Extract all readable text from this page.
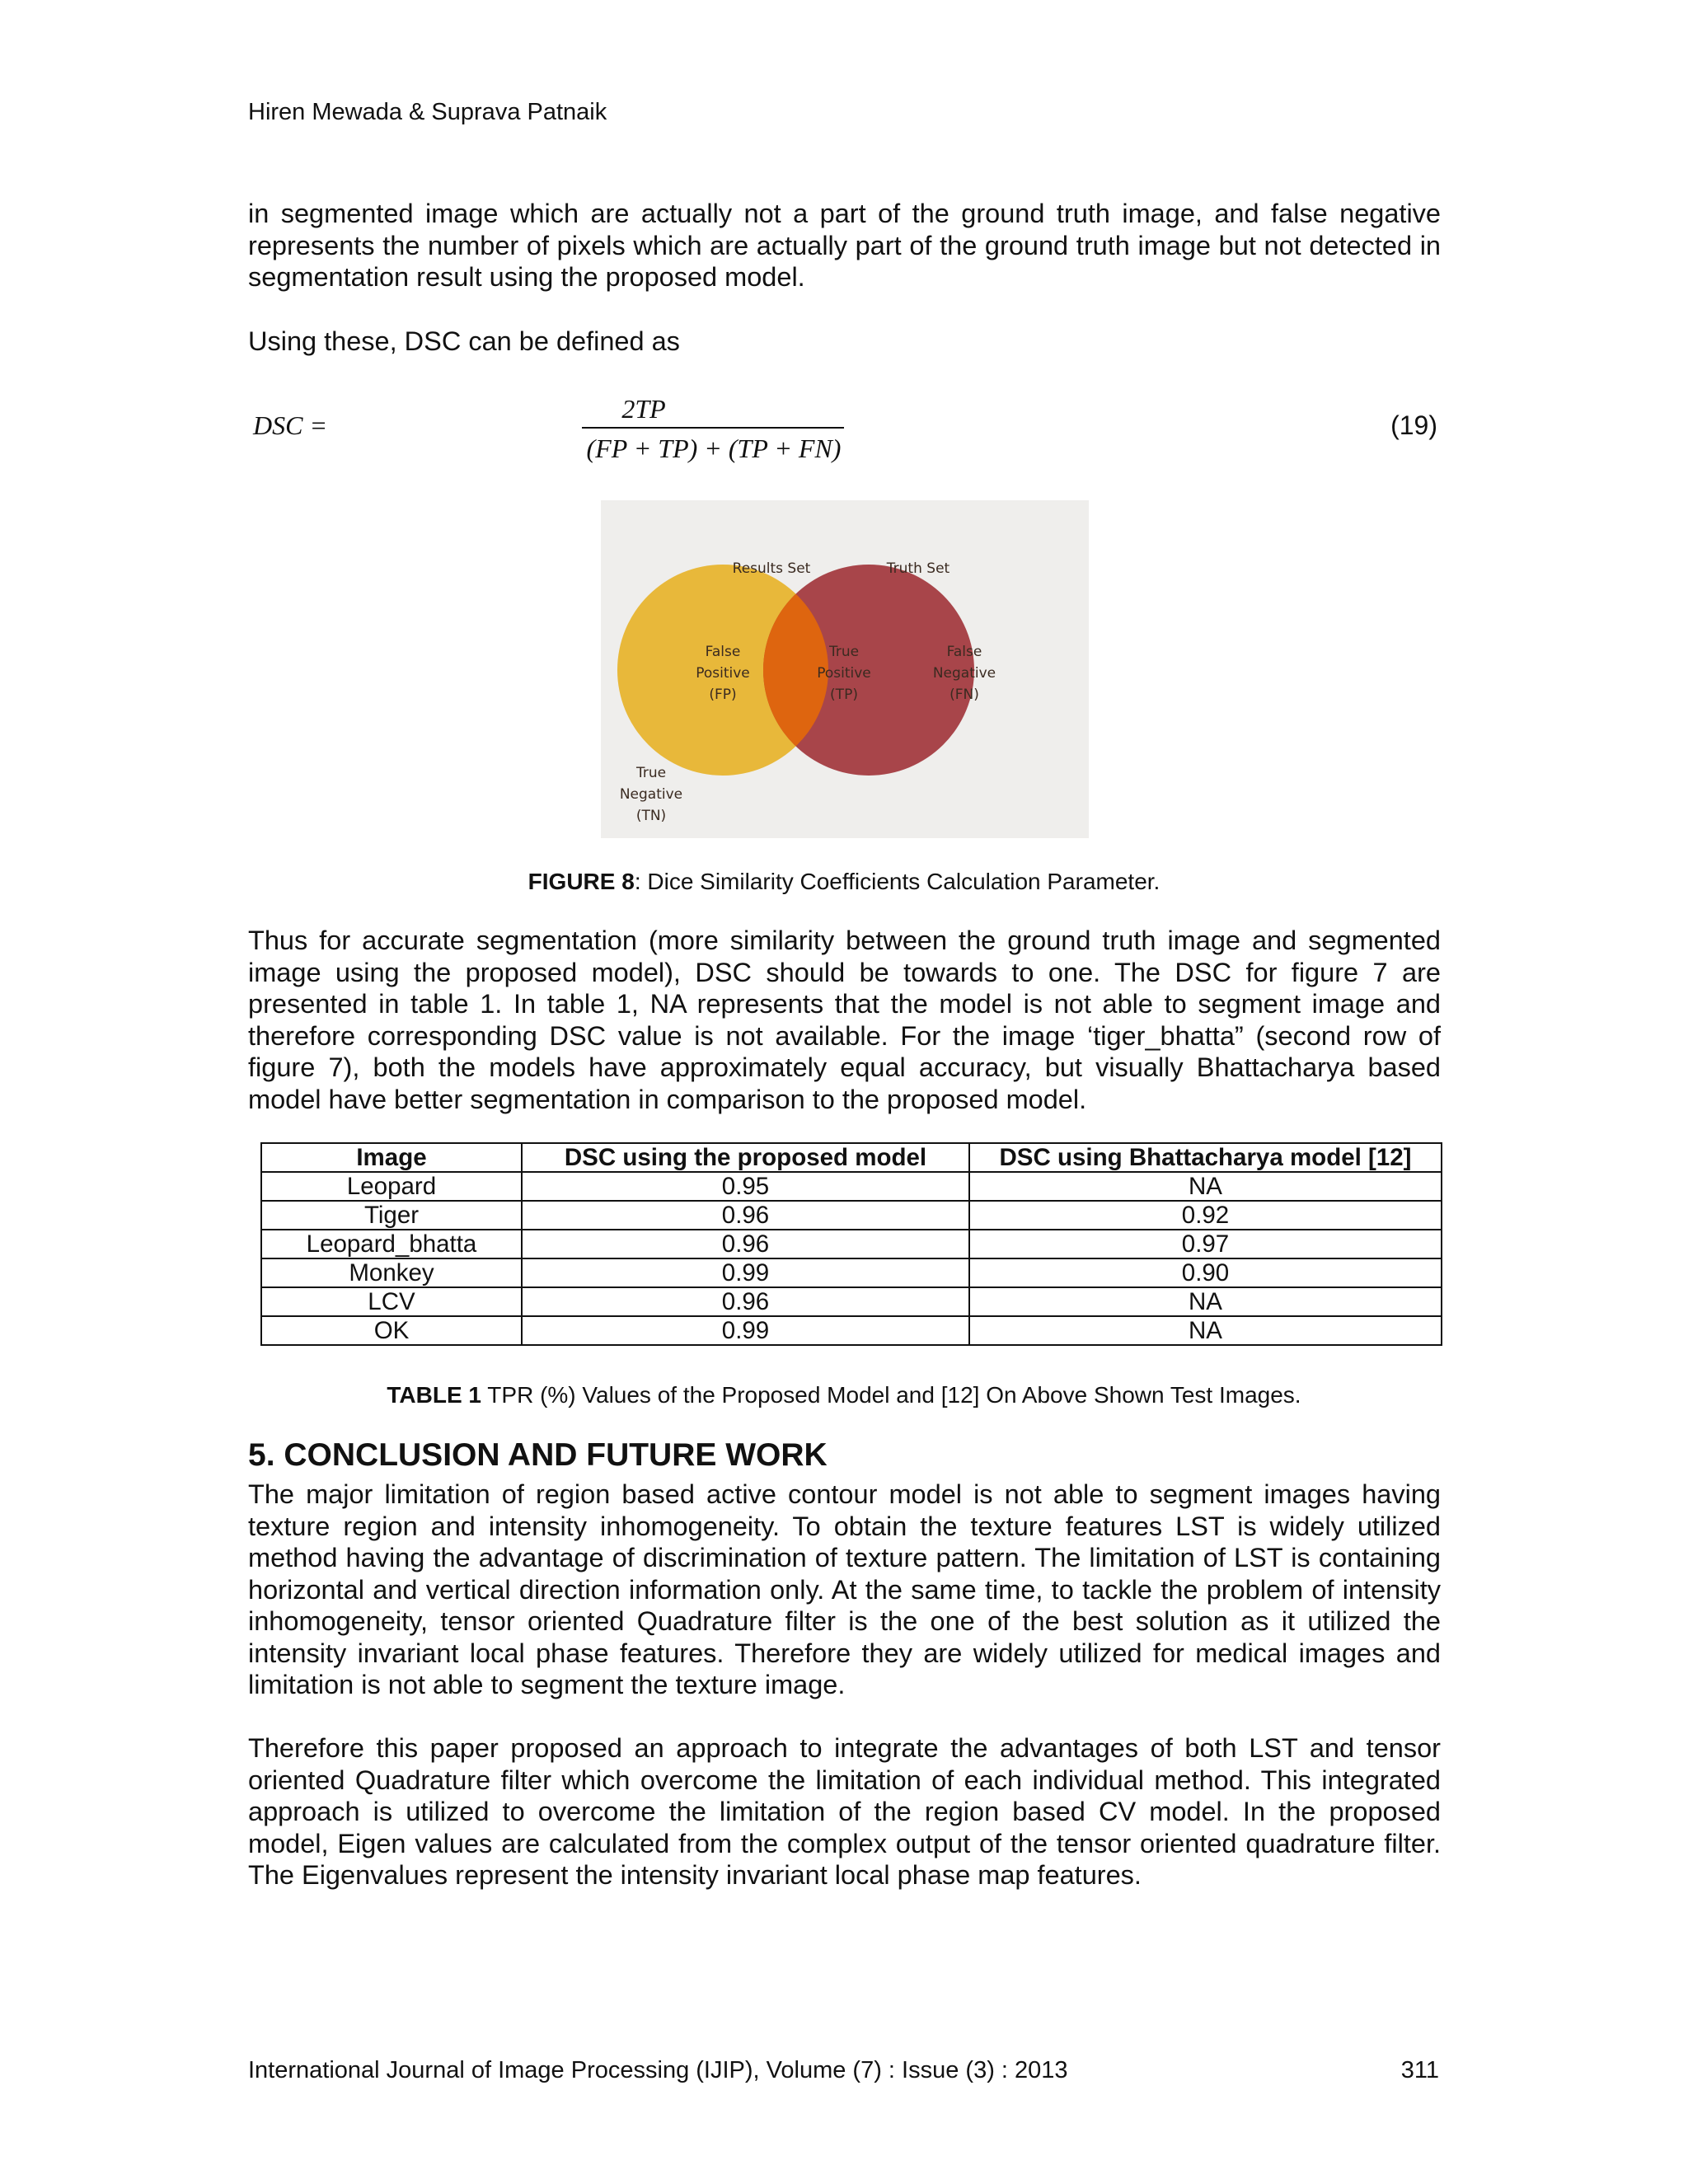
Hiren Mewada & Suprava Patnaik

in segmented image which are actually not a part of the ground truth image, and false negative represents the number of pixels which are actually part of the ground truth image but not detected in segmentation result using the proposed model.

Using these, DSC can be defined as

DSC =
2TP
(FP + TP) + (TP + FN)
(19)
Results Set	Truth Set
False
Positive
(FP)
True
Positive
(TP)
False
Negative
(FN)
True
Negative
(TN)
FIGURE 8: Dice Similarity Coefficients Calculation Parameter.

Thus for accurate segmentation (more similarity between the ground truth image and segmented image using the proposed model), DSC should be towards to one. The DSC for figure 7 are presented in table 1. In table 1, NA represents that the model is not able to segment image and therefore corresponding DSC value is not available. For the image ‘tiger_bhatta” (second row of figure 7), both the models have approximately equal accuracy, but visually Bhattacharya based model have better segmentation in comparison to the proposed model.

Image	DSC using the proposed model	DSC using Bhattacharya model [12]
Leopard	0.95	NA
Tiger	0.96	0.92
Leopard_bhatta	0.96	0.97
Monkey	0.99	0.90
LCV	0.96	NA
OK	0.99	NA
TABLE 1 TPR (%) Values of the Proposed Model and [12] On Above Shown Test Images.
5. CONCLUSION AND FUTURE WORK

The major limitation of region based active contour model is not able to segment images having texture region and intensity inhomogeneity. To obtain the texture features LST is widely utilized method having the advantage of discrimination of texture pattern. The limitation of LST is containing horizontal and vertical direction information only. At the same time, to tackle the problem of intensity inhomogeneity, tensor oriented Quadrature filter is the one of the best solution as it utilized the intensity invariant local phase features. Therefore they are widely utilized for medical images and limitation is not able to segment the texture image.

Therefore this paper proposed an approach to integrate the advantages of both LST and tensor oriented Quadrature filter which overcome the limitation of each individual method. This integrated approach is utilized to overcome the limitation of the region based CV model. In the proposed model, Eigen values are calculated from the complex output of the tensor oriented quadrature filter. The Eigenvalues represent the intensity invariant local phase map features.

International Journal of Image Processing (IJIP), Volume (7) : Issue (3) : 2013	311
